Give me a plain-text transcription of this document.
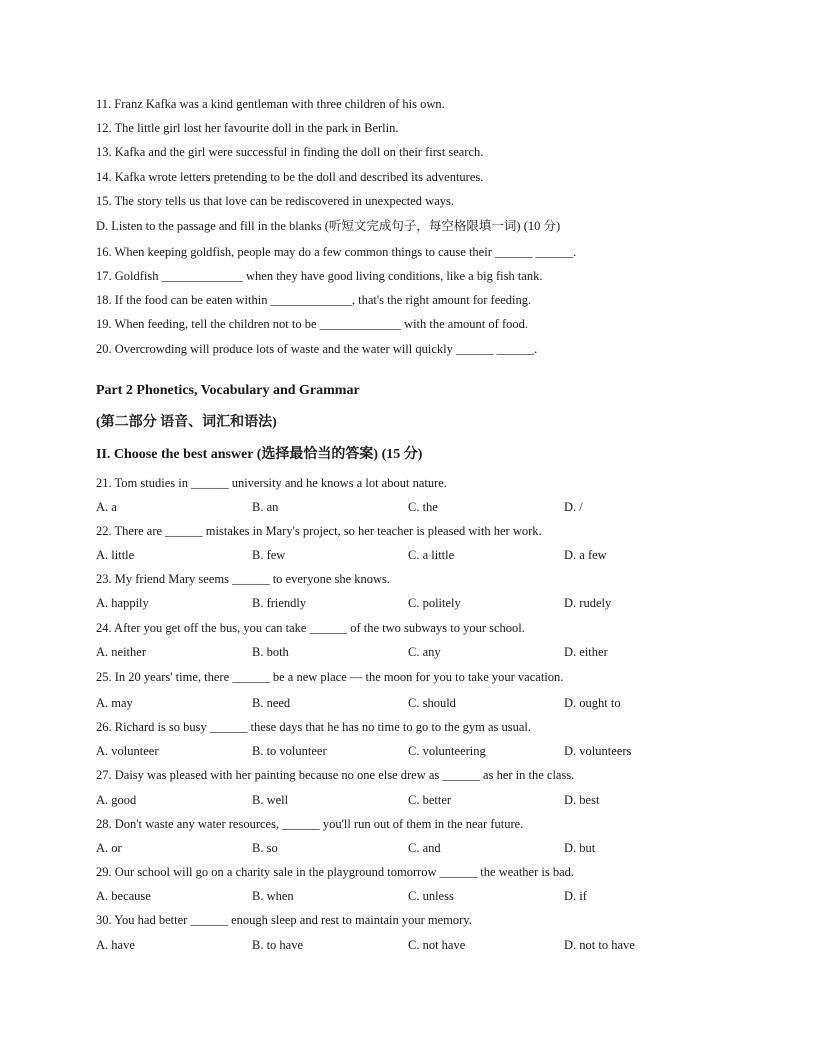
11. Franz Kafka was a kind gentleman with three children of his own.
12. The little girl lost her favourite doll in the park in Berlin.
13. Kafka and the girl were successful in finding the doll on their first search.
14. Kafka wrote letters pretending to be the doll and described its adventures.
15. The story tells us that love can be rediscovered in unexpected ways.
D. Listen to the passage and fill in the blanks (听短文完成句子，每空格限填一词) (10 分)
16. When keeping goldfish, people may do a few common things to cause their ______ ______.
17. Goldfish _____________ when they have good living conditions, like a big fish tank.
18. If the food can be eaten within _____________, that's the right amount for feeding.
19. When feeding, tell the children not to be _____________ with the amount of food.
20. Overcrowding will produce lots of waste and the water will quickly ______ ______.
Part 2 Phonetics, Vocabulary and Grammar
(第二部分 语音、词汇和语法)
II. Choose the best answer (选择最恰当的答案) (15 分)
21. Tom studies in ______ university and he knows a lot about nature.
A. a	B. an	C. the	D. /
22. There are ______ mistakes in Mary's project, so her teacher is pleased with her work.
A. little	B. few	C. a little	D. a few
23. My friend Mary seems ______ to everyone she knows.
A. happily	B. friendly	C. politely	D. rudely
24. After you get off the bus, you can take ______ of the two subways to your school.
A. neither	B. both	C. any	D. either
25. In 20 years' time, there ______ be a new place — the moon for you to take your vacation.
A. may	B. need	C. should	D. ought to
26. Richard is so busy ______ these days that he has no time to go to the gym as usual.
A. volunteer	B. to volunteer	C. volunteering	D. volunteers
27. Daisy was pleased with her painting because no one else drew as ______ as her in the class.
A. good	B. well	C. better	D. best
28. Don't waste any water resources, ______ you'll run out of them in the near future.
A. or	B. so	C. and	D. but
29. Our school will go on a charity sale in the playground tomorrow ______ the weather is bad.
A. because	B. when	C. unless	D. if
30. You had better ______ enough sleep and rest to maintain your memory.
A. have	B. to have	C. not have	D. not to have
